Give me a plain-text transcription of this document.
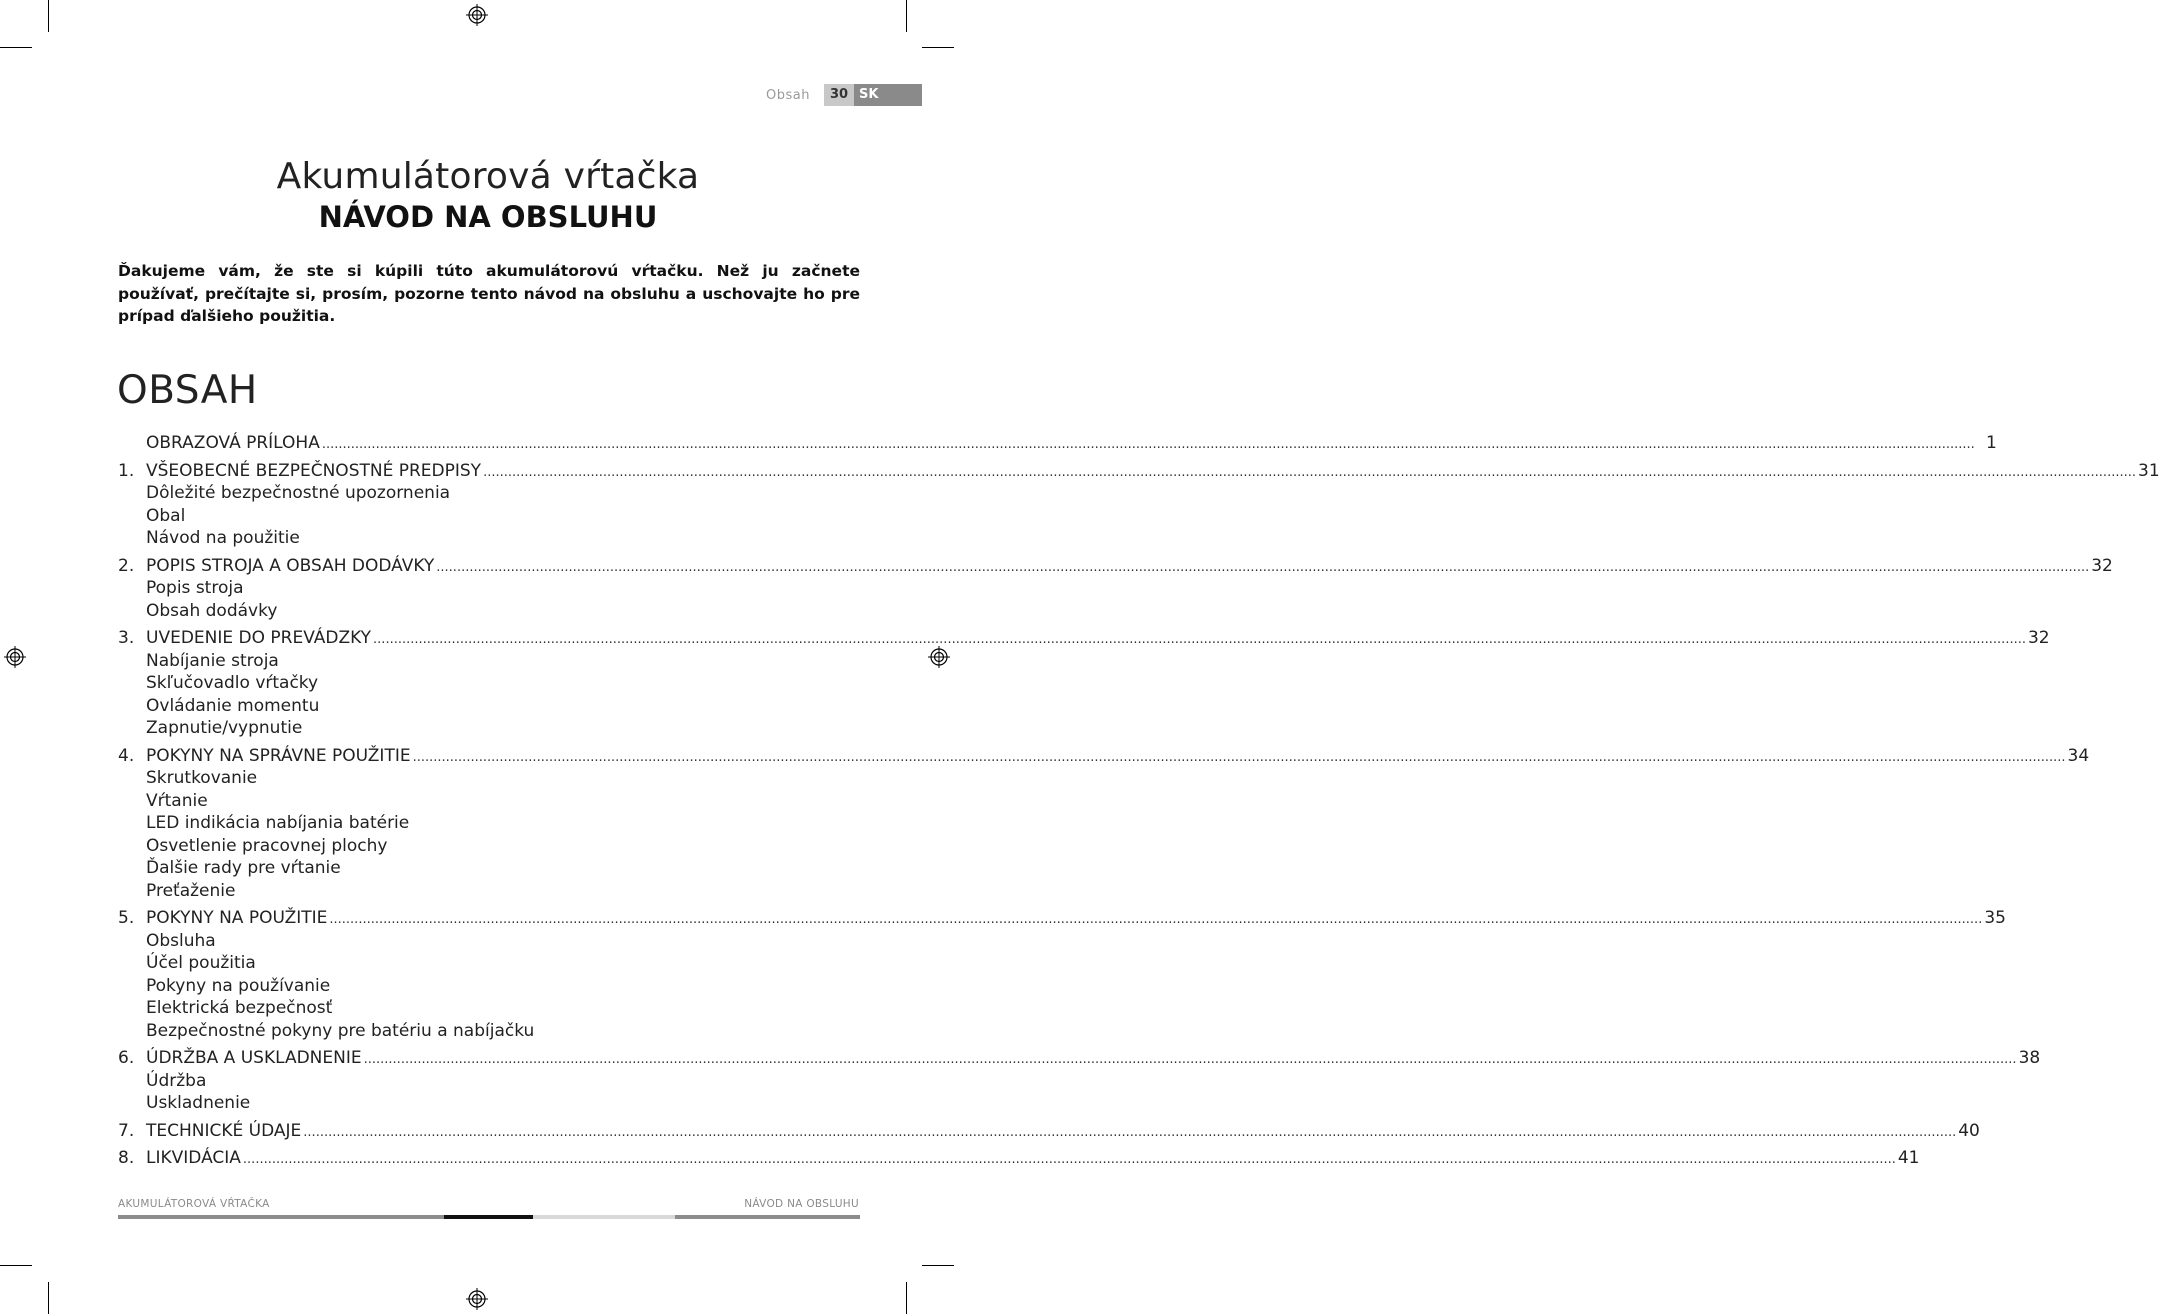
Obsah	30 SK
Akumulátorová vŕtačka
NÁVOD NA OBSLUHU

Ďakujeme vám, že ste si kúpili túto akumulátorovú vŕtačku. Než ju začnete používať, prečítajte si, prosím, pozorne tento návod na obsluhu a uschovajte ho pre prípad ďalšieho použitia.

OBSAH
OBRAZOVÁ PRÍLOHA ................................................................................................................................................................................................................................................................................................................................................................................................................ 1
1. VŠEOBECNÉ BEZPEČNOSTNÉ PREDPISY ................................................................................................................................................................................................................................................................................................................................................................................................................ 31
Dôležité bezpečnostné upozornenia
Obal
Návod na použitie
2. POPIS STROJA A OBSAH DODÁVKY ................................................................................................................................................................................................................................................................................................................................................................................................................ 32
Popis stroja
Obsah dodávky
3. UVEDENIE DO PREVÁDZKY ................................................................................................................................................................................................................................................................................................................................................................................................................ 32
Nabíjanie stroja
Skľučovadlo vŕtačky
Ovládanie momentu
Zapnutie/vypnutie
4. POKYNY NA SPRÁVNE POUŽITIE ................................................................................................................................................................................................................................................................................................................................................................................................................ 34
Skrutkovanie
Vŕtanie
LED indikácia nabíjania batérie
Osvetlenie pracovnej plochy
Ďalšie rady pre vŕtanie
Preťaženie
5. POKYNY NA POUŽITIE ................................................................................................................................................................................................................................................................................................................................................................................................................ 35
Obsluha
Účel použitia
Pokyny na používanie
Elektrická bezpečnosť
Bezpečnostné pokyny pre batériu a nabíjačku
6. ÚDRŽBA A USKLADNENIE ................................................................................................................................................................................................................................................................................................................................................................................................................ 38
Údržba
Uskladnenie
7. TECHNICKÉ ÚDAJE ................................................................................................................................................................................................................................................................................................................................................................................................................ 40
8. LIKVIDÁCIA ................................................................................................................................................................................................................................................................................................................................................................................................................ 41
AKUMULÁTOROVÁ VŔTAČKA	NÁVOD NA OBSLUHU
